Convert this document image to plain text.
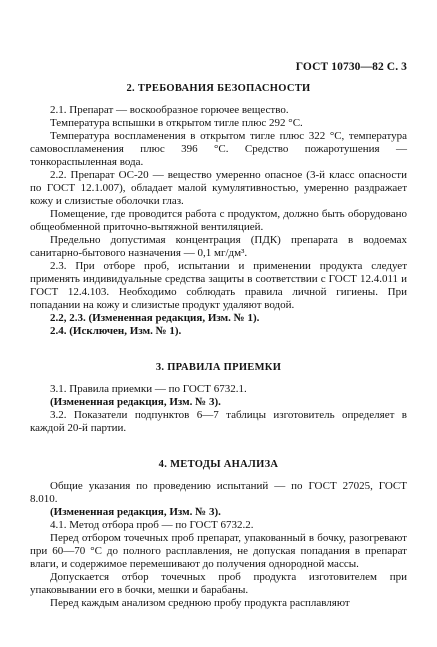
ГОСТ 10730—82 С. 3
2. ТРЕБОВАНИЯ БЕЗОПАСНОСТИ

2.1. Препарат — воскообразное горючее вещество.

Температура вспышки в открытом тигле плюс 292 °С.

Температура воспламенения в открытом тигле плюс 322 °С, температура самовоспламенения плюс 396 °С. Средство пожаротушения — тонкораспыленная вода.

2.2. Препарат ОС-20 — вещество умеренно опасное (3-й класс опасности по ГОСТ 12.1.007), обладает малой кумулятивностью, умеренно раздражает кожу и слизистые оболочки глаз.

Помещение, где проводится работа с продуктом, должно быть оборудовано общеобменной приточно-вытяжной вентиляцией.

Предельно допустимая концентрация (ПДК) препарата в водоемах санитарно-бытового назначения — 0,1 мг/дм³.

2.3. При отборе проб, испытании и применении продукта следует применять индивидуальные средства защиты в соответствии с ГОСТ 12.4.011 и ГОСТ 12.4.103. Необходимо соблюдать правила личной гигиены. При попадании на кожу и слизистые продукт удаляют водой.

2.2, 2.3. (Измененная редакция, Изм. № 1).

2.4. (Исключен, Изм. № 1).

3. ПРАВИЛА ПРИЕМКИ

3.1. Правила приемки — по ГОСТ 6732.1.

(Измененная редакция, Изм. № 3).

3.2. Показатели подпунктов 6—7 таблицы изготовитель определяет в каждой 20-й партии.

4. МЕТОДЫ АНАЛИЗА

Общие указания по проведению испытаний — по ГОСТ 27025, ГОСТ 8.010.

(Измененная редакция, Изм. № 3).

4.1. Метод отбора проб — по ГОСТ 6732.2.

Перед отбором точечных проб препарат, упакованный в бочку, разогревают при 60—70 °С до полного расплавления, не допуская попадания в препарат влаги, и содержимое перемешивают до получения однородной массы.

Допускается отбор точечных проб продукта изготовителем при упаковывании его в бочки, мешки и барабаны.

Перед каждым анализом среднюю пробу продукта расплавляют
